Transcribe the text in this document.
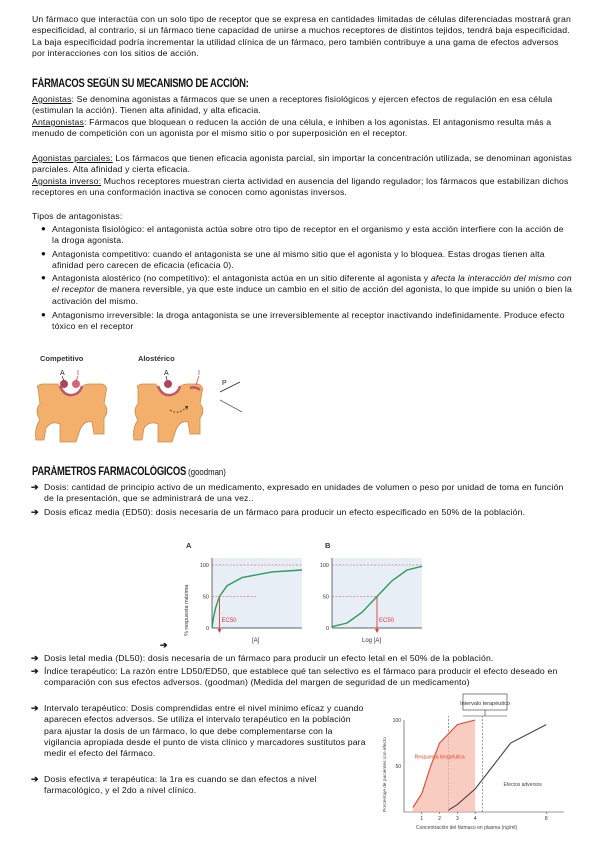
Un fármaco que interactúa con un solo tipo de receptor que se expresa en cantidades limitadas de células diferenciadas mostrará gran especificidad, al contrario, si un fármaco tiene capacidad de unirse a muchos receptores de distintos tejidos, tendrá baja especificidad. La baja especificidad podría incrementar la utilidad clínica de un fármaco, pero también contribuye a una gama de efectos adversos por interacciones con los sitios de acción.
FÁRMACOS SEGÚN SU MECANISMO DE ACCIÓN:
Agonistas: Se denomina agonistas a fármacos que se unen a receptores fisiológicos y ejercen efectos de regulación en esa célula (estimulan la acción). Tienen alta afinidad, y alta eficacia.
Antagonistas: Fármacos que bloquean o reducen la acción de una célula, e inhiben a los agonistas. El antagonismo resulta más a menudo de competición con un agonista por el mismo sitio o por superposición en el receptor.
Agonistas parciales: Los fármacos que tienen eficacia agonista parcial, sin importar la concentración utilizada, se denominan agonistas parciales. Alta afinidad y cierta eficacia.
Agonista inverso: Muchos receptores muestran cierta actividad en ausencia del ligando regulador; los fármacos que estabilizan dichos receptores en una conformación inactiva se conocen como agonistas inversos.
Tipos de antagonistas:
● Antagonista fisiológico: el antagonista actúa sobre otro tipo de receptor en el organismo y esta acción interfiere con la acción de la droga agonista.
● Antagonista competitivo: cuando el antagonista se une al mismo sitio que el agonista y lo bloquea. Estas drogas tienen alta afinidad pero carecen de eficacia (eficacia 0).
● Antagonista alostérico (no competitivo): el antagonista actúa en un sitio diferente al agonista y afecta la interacción del mismo con el receptor de manera reversible, ya que este induce un cambio en el sitio de acción del agonista, lo que impide su unión o bien la activación del mismo.
● Antagonismo irreversible: la droga antagonista se une irreversiblemente al receptor inactivando indefinidamente. Produce efecto tóxico en el receptor
Competitivo	Alostérico
A I	A	I
P
PARÁMETROS FARMACOLÓGICOS (goodman)
➔ Dosis: cantidad de principio activo de un medicamento, expresado en unidades de volumen o peso por unidad de toma en función de la presentación, que se administrará de una vez..
➔ Dosis eficaz media (ED50): dosis necesaria de un fármaco para producir un efecto especificado en 50% de la población.
A	B
0
50
100
EC50
0
50
100
EC50
% respuesta máxima
[A]	Log [A]
➔
➔ Dosis letal media (DL50): dosis necesaria de un fármaco para producir un efecto letal en el 50% de la población.
➔ Índice terapéutico: La razón entre LD50/ED50, que establece qué tan selectivo es el fármaco para producir el efecto deseado en comparación con sus efectos adversos. (goodman) (Medida del margen de seguridad de un medicamento)
➔ Intervalo terapéutico: Dosis comprendidas entre el nivel mínimo eficaz y cuando aparecen efectos adversos. Se utiliza el intervalo terapéutico en la población para ajustar la dosis de un fármaco, lo que debe complementarse con la vigilancia apropiada desde el punto de vista clínico y marcadores sustitutos para medir el efecto del fármaco.
➔ Dosis efectiva ≠ terapéutica: la 1ra es cuando se dan efectos a nivel farmacológico, y el 2do a nivel clínico.
Intervalo terapéutico
50
100
1	2	3	4	8
Respuesta terapéutica
Efectos adversos
Porcentaje de pacientes con efecto
Concentración del fármaco en plasma (ng/ml)
